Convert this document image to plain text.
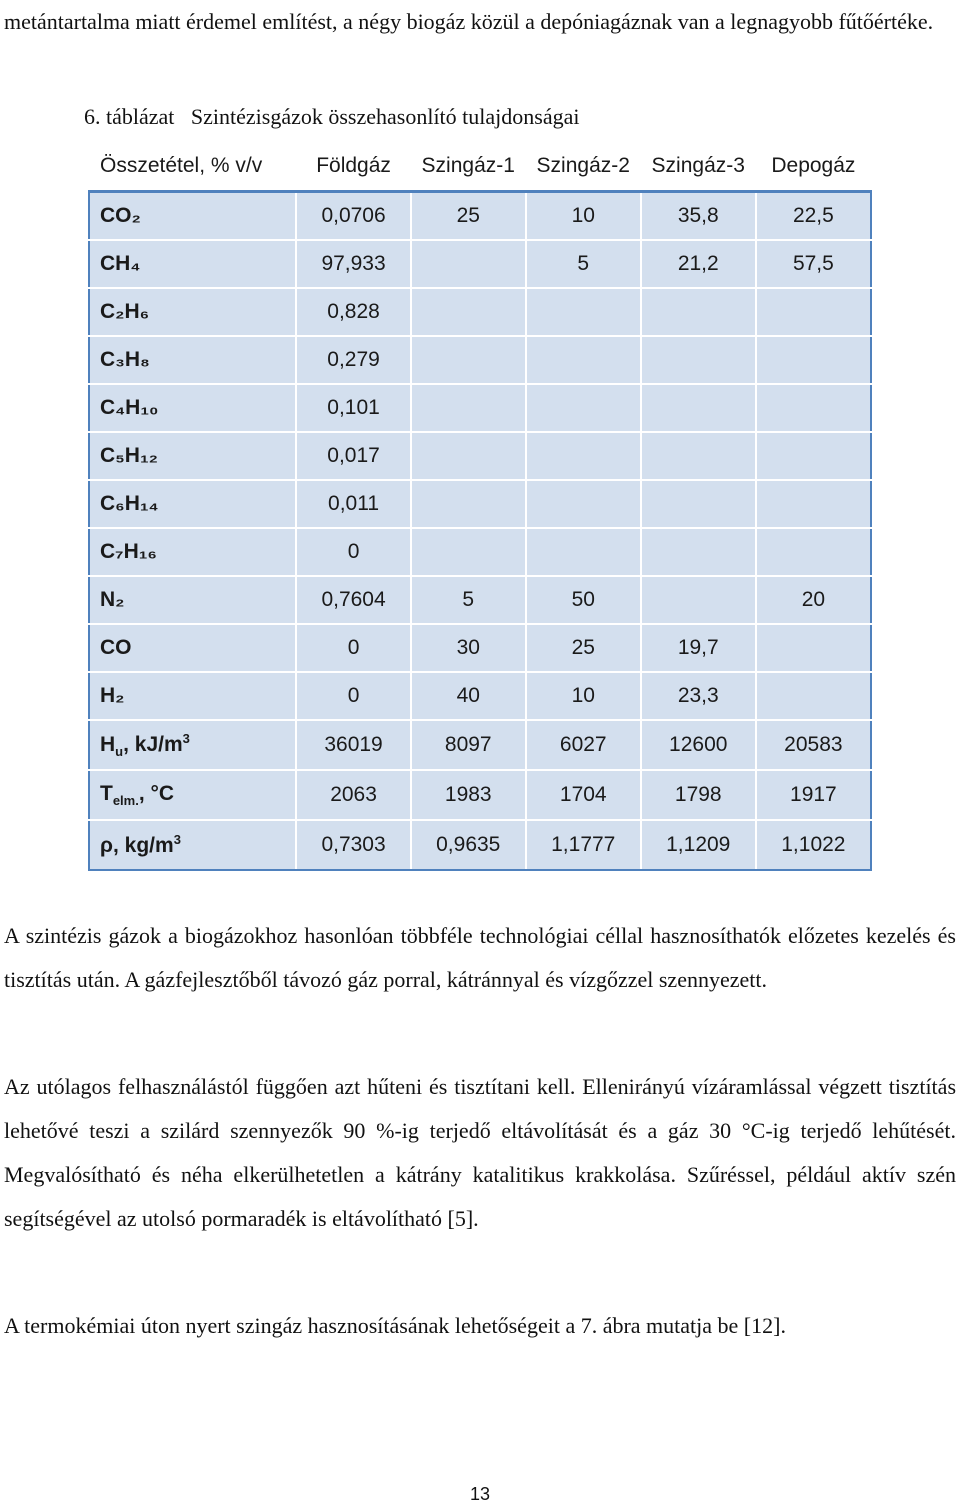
metántartalma miatt érdemel említést, a négy biogáz közül a depóniagáznak van a legnagyobb fűtőértéke.

6. táblázat   Szintézisgázok összehasonlító tulajdonságai
Összetétel, % v/v	Földgáz	Szingáz-1	Szingáz-2	Szingáz-3	Depogáz
CO₂	0,0706	25	10	35,8	22,5
CH₄	97,933		5	21,2	57,5
C₂H₆	0,828				
C₃H₈	0,279				
C₄H₁₀	0,101				
C₅H₁₂	0,017				
C₆H₁₄	0,011				
C₇H₁₆	0				
N₂	0,7604	5	50		20
CO	0	30	25	19,7	
H₂	0	40	10	23,3	
$H_u$, $kJ/m^3$	36019	8097	6027	12600	20583
$T_{elm.}$, °C	2063	1983	1704	1798	1917
ρ, $kg/m^3$	0,7303	0,9635	1,1777	1,1209	1,1022

A szintézis gázok a biogázokhoz hasonlóan többféle technológiai céllal hasznosíthatók előzetes kezelés és tisztítás után. A gázfejlesztőből távozó gáz porral, kátránnyal és vízgőzzel szennyezett.

Az utólagos felhasználástól függően azt hűteni és tisztítani kell. Ellenirányú vízáramlással végzett tisztítás lehetővé teszi a szilárd szennyezők 90 %-ig terjedő eltávolítását és a gáz 30 °C-ig terjedő lehűtését. Megvalósítható és néha elkerülhetetlen a kátrány katalitikus krakkolása. Szűréssel, például aktív szén segítségével az utolsó pormaradék is eltávolítható [5].

A termokémiai úton nyert szingáz hasznosításának lehetőségeit a 7. ábra mutatja be [12].

13
